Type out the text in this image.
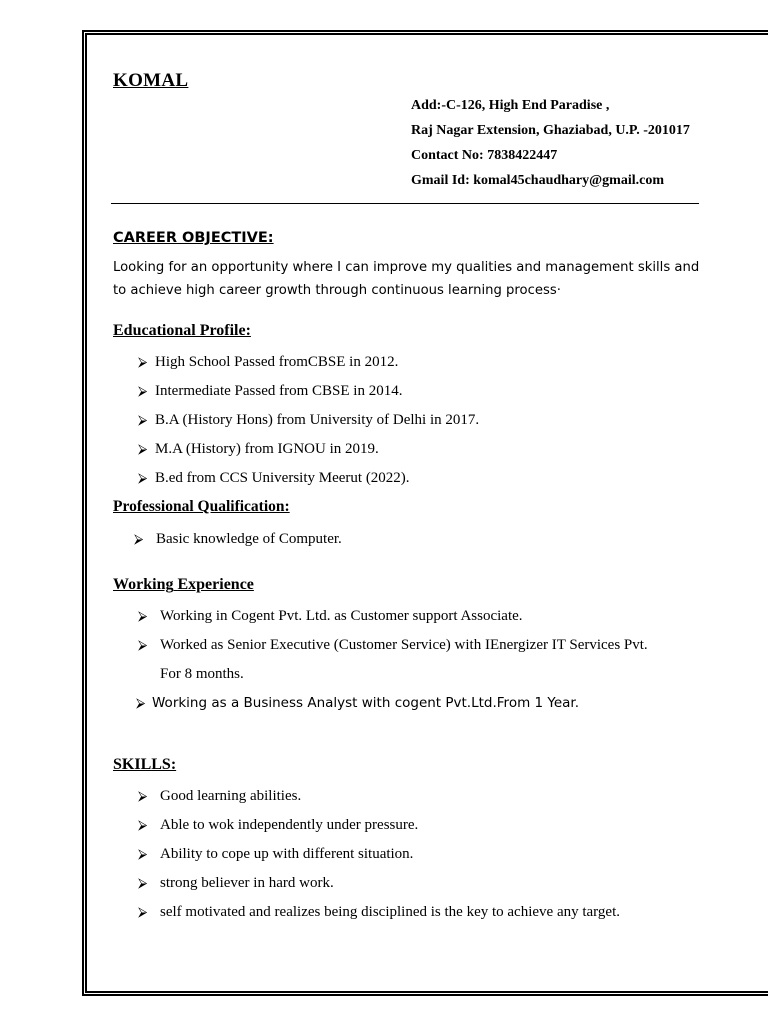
KOMAL
Add:-C-126, High End Paradise ,
Raj Nagar Extension, Ghaziabad, U.P. -201017
Contact No: 7838422447
Gmail Id: komal45chaudhary@gmail.com
CAREER OBJECTIVE:
Looking for an opportunity where I can improve my qualities and management skills and
to achieve high career growth through continuous learning process·
Educational Profile:
⮚ High School Passed fromCBSE in 2012.
⮚ Intermediate Passed from CBSE in 2014.
⮚ B.A (History Hons) from University of Delhi in 2017.
⮚ M.A (History) from IGNOU in 2019.
⮚ B.ed from CCS University Meerut (2022).
Professional Qualification:
⮚ Basic knowledge of Computer.
Working Experience
⮚ Working in Cogent Pvt. Ltd. as Customer support Associate.
⮚ Worked as Senior Executive (Customer Service) with IEnergizer IT Services Pvt.
For 8 months.
⮚ Working as a Business Analyst with cogent Pvt.Ltd.From 1 Year.
SKILLS:
⮚ Good learning abilities.
⮚ Able to wok independently under pressure.
⮚ Ability to cope up with different situation.
⮚ strong believer in hard work.
⮚ self motivated and realizes being disciplined is the key to achieve any target.
